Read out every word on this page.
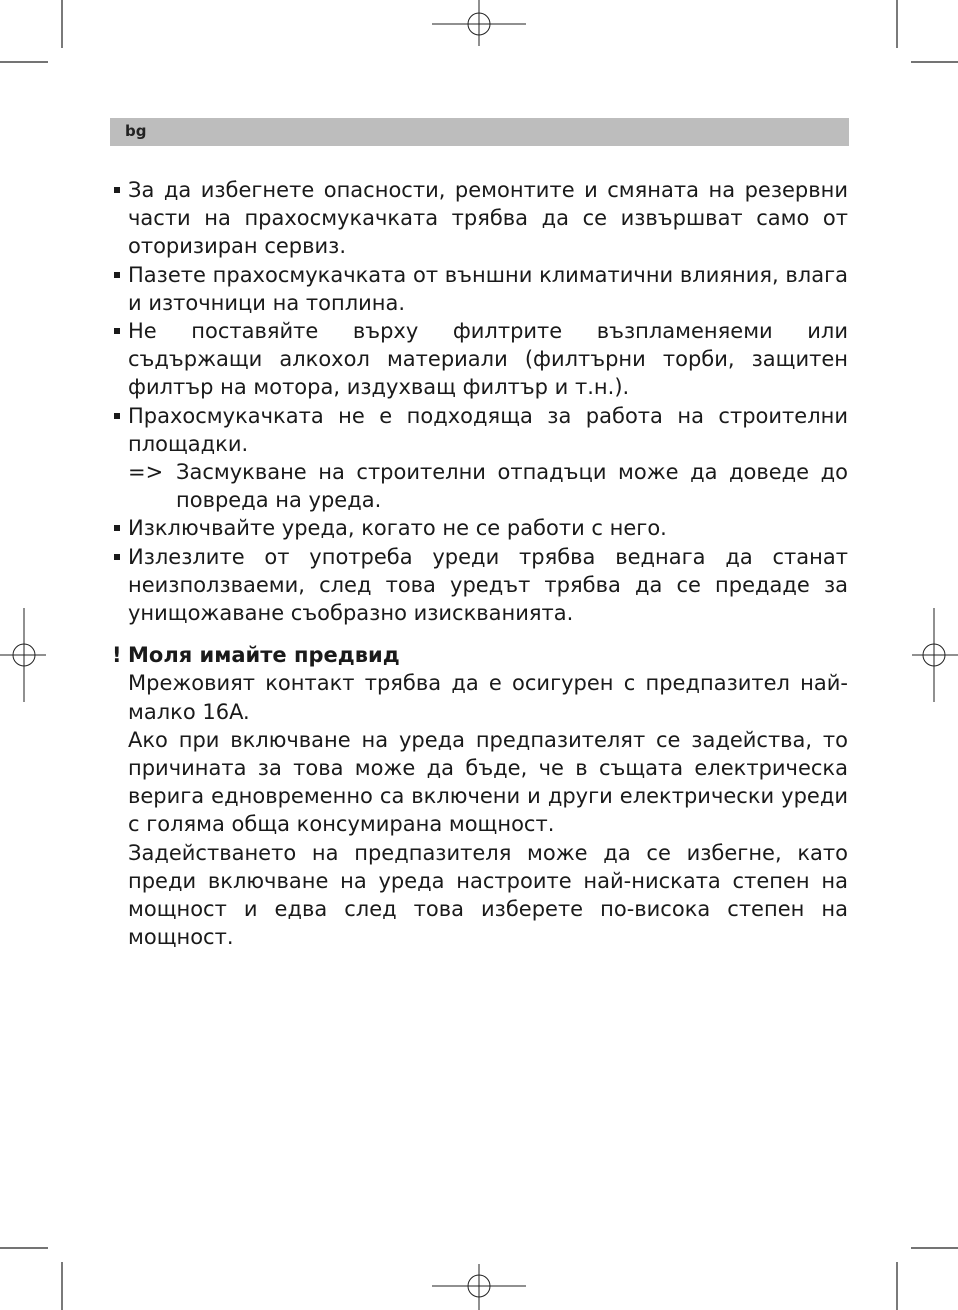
bg
За да избегнете опасности, ремонтите и смяната на резервни части на прахосмукачката трябва да се извършват само от оторизиран сервиз.
Пазете прахосмукачката от външни климатични влияния, влага и източници на топлина.
Не поставяйте върху филтрите възпламеняеми или съдържащи алкохол материали (филтърни торби, защитен филтър на мотора, издухващ филтър и т.н.).
Прахосмукачката не е подходяща за работа на строителни площадки.
=> Засмукване на строителни отпадъци може да доведе до повреда на уреда.
Изключвайте уреда, когато не се работи с него.
Излезлите от употреба уреди трябва веднага да станат неизползваеми, след това уредът трябва да се предаде за унищожаване съобразно изискванията.
! Моля имайте предвид

Мрежовият контакт трябва да е осигурен с предпазител най-малко 16A.

Ако при включване на уреда предпазителят се задейства, то причината за това може да бъде, че в същата електрическа верига едновременно са включени и други електрически уреди с голяма обща консумирана мощност.

Задействането на предпазителя може да се избегне, като преди включване на уреда настроите най-ниската степен на мощност и едва след това изберете по-висока степен на мощност.
